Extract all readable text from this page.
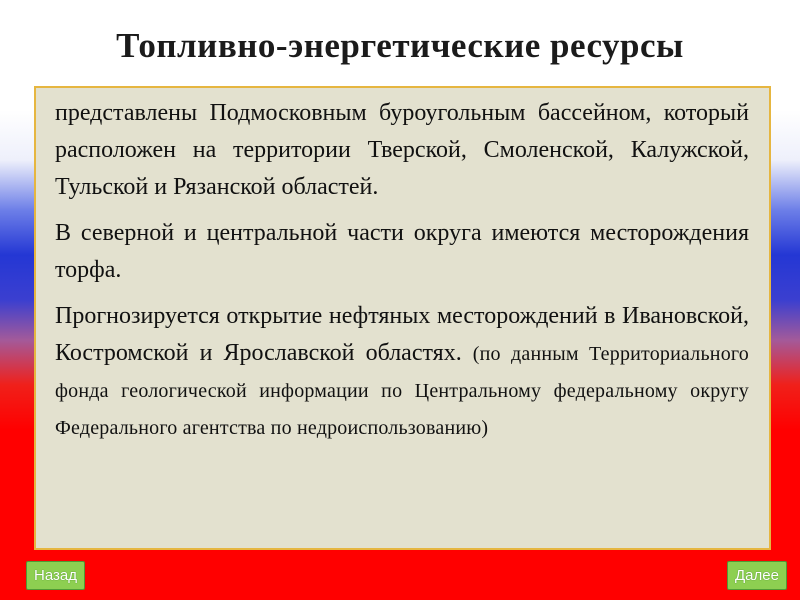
Топливно-энергетические ресурсы

представлены Подмосковным буроугольным бассейном, который расположен на территории Тверской, Смоленской, Калужской, Тульской и Рязанской областей.

В северной и центральной части округа имеются месторождения торфа.

Прогнозируется открытие нефтяных месторождений в Ивановской, Костромской и Ярославской областях. (по данным Территориального фонда геологической информации по Центральному федеральному округу Федерального агентства по недроиспользованию)

Назад	Далее
